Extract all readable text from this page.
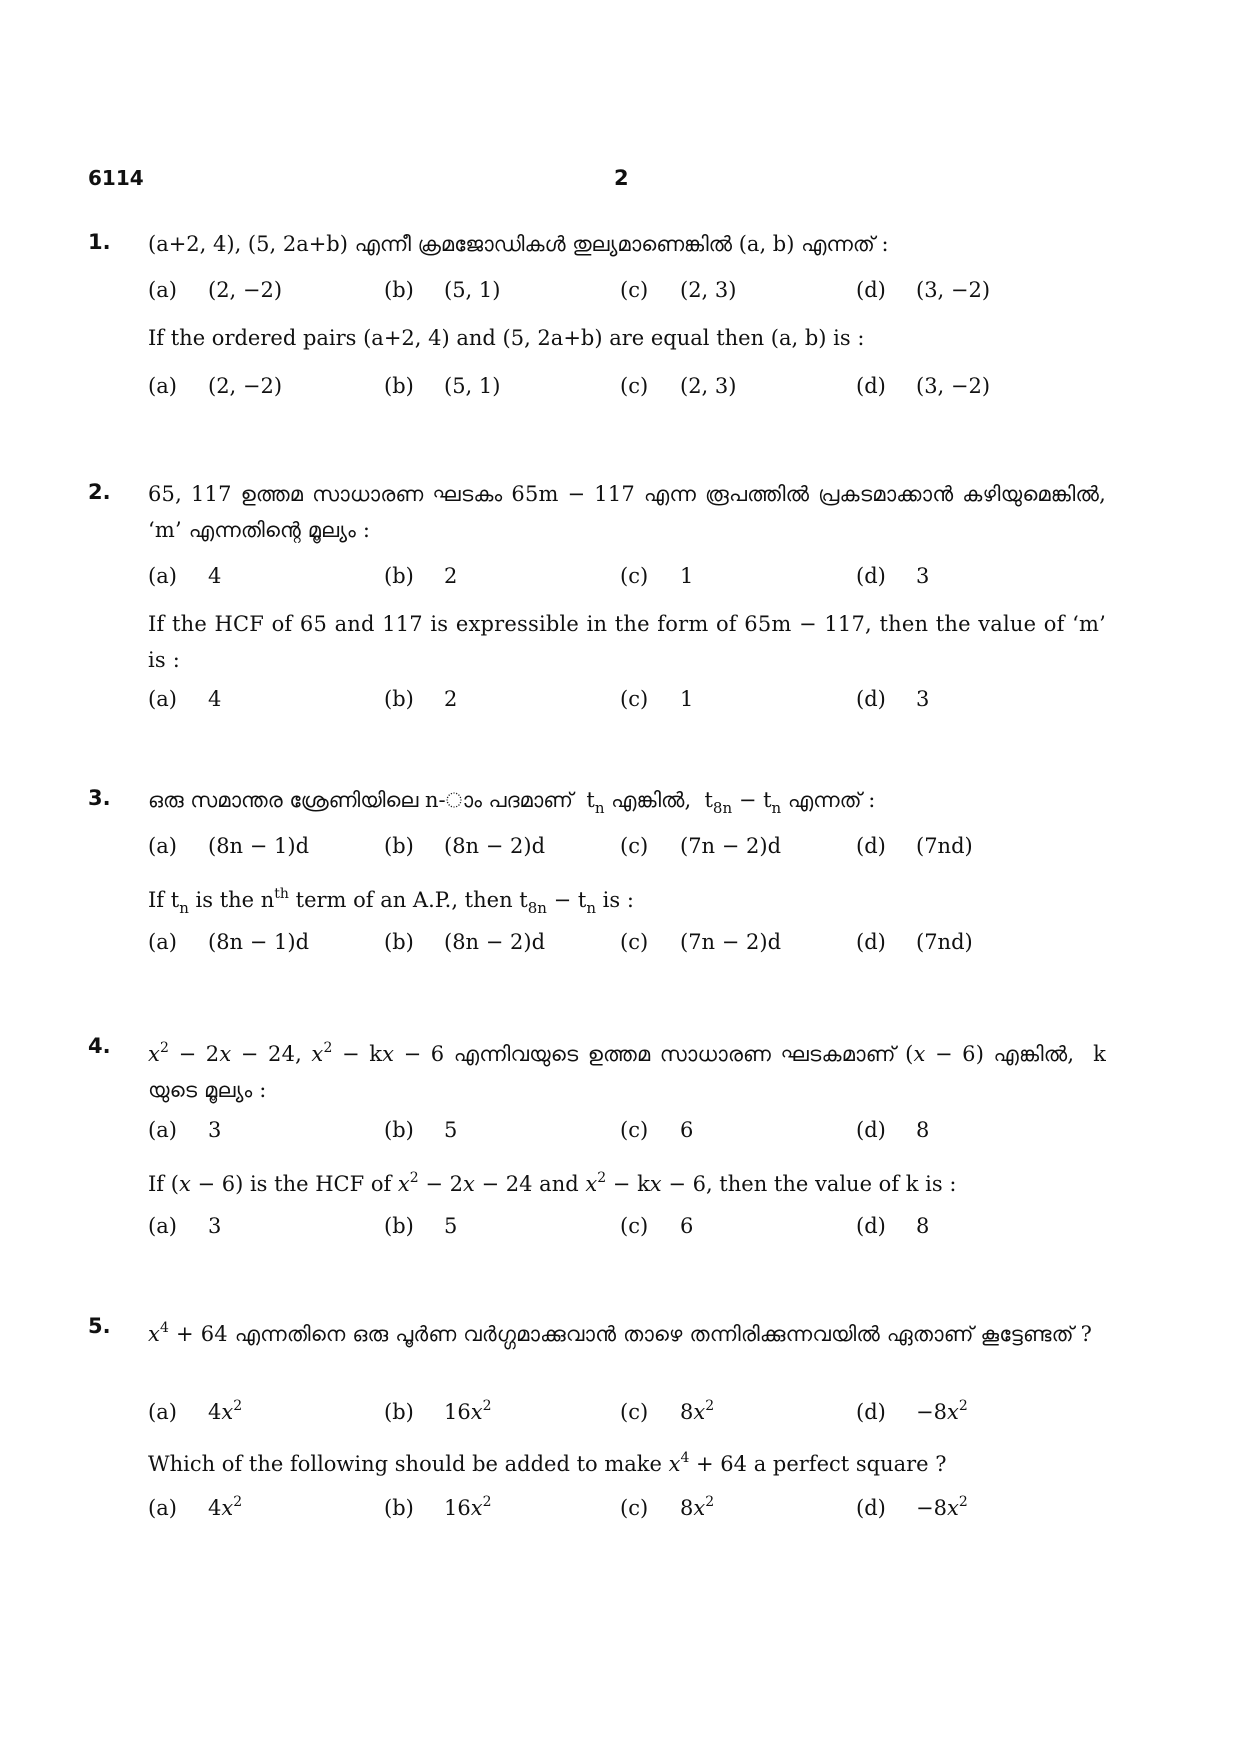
6114	2
1. (a+2, 4), (5, 2a+b) എന്നീ ക്രമജോഡികൾ തുല്യമാണെങ്കിൽ (a, b) എന്നത് :
(a) (2, −2)	(b) (5, 1)	(c) (2, 3)	(d) (3, −2)
If the ordered pairs (a+2, 4) and (5, 2a+b) are equal then (a, b) is :
(a) (2, −2)	(b) (5, 1)	(c) (2, 3)	(d) (3, −2)
2. 65, 117 ഉത്തമ സാധാരണ ഘടകം 65m − 117 എന്ന രൂപത്തിൽ പ്രകടമാക്കാൻ കഴിയുമെങ്കിൽ, ‘m’ എന്നതിന്റെ മൂല്യം :
(a) 4	(b) 2	(c) 1	(d) 3
If the HCF of 65 and 117 is expressible in the form of 65m − 117, then the value of ‘m’ is :
(a) 4	(b) 2	(c) 1	(d) 3
3. ഒരു സമാന്തര ശ്രേണിയിലെ n-ാം പദമാണ്  $t_n$ എങ്കിൽ,  $t_{8n} - t_n$ എന്നത് :
(a) (8n − 1)d	(b) (8n − 2)d	(c) (7n − 2)d	(d) (7nd)
If $t_n$ is the $n^{th}$ term of an A.P., then $t_{8n} - t_n$ is :
(a) (8n − 1)d	(b) (8n − 2)d	(c) (7n − 2)d	(d) (7nd)
4. $x^2 - 2x - 24$, $x^2$ − kx − 6 എന്നിവയുടെ ഉത്തമ സാധാരണ ഘടകമാണ് (x − 6) എങ്കിൽ,  k യുടെ മൂല്യം :
(a) 3	(b) 5	(c) 6	(d) 8
If (x − 6) is the HCF of $x^2 - 2x - 24$ and $x^2$ − kx − 6, then the value of k is :
(a) 3	(b) 5	(c) 6	(d) 8
5. $x^4 + 64$ എന്നതിനെ ഒരു പൂർണ വർഗ്ഗമാക്കുവാൻ താഴെ തന്നിരിക്കുന്നവയിൽ ഏതാണ് കൂട്ടേണ്ടത് ?
(a) $4x^2$	(b) $16x^2$	(c) $8x^2$	$(d) -8x^2$
Which of the following should be added to make $x^4 + 64$ a perfect square ?
(a) $4x^2$	(b) $16x^2$	(c) $8x^2$	$(d) -8x^2$
